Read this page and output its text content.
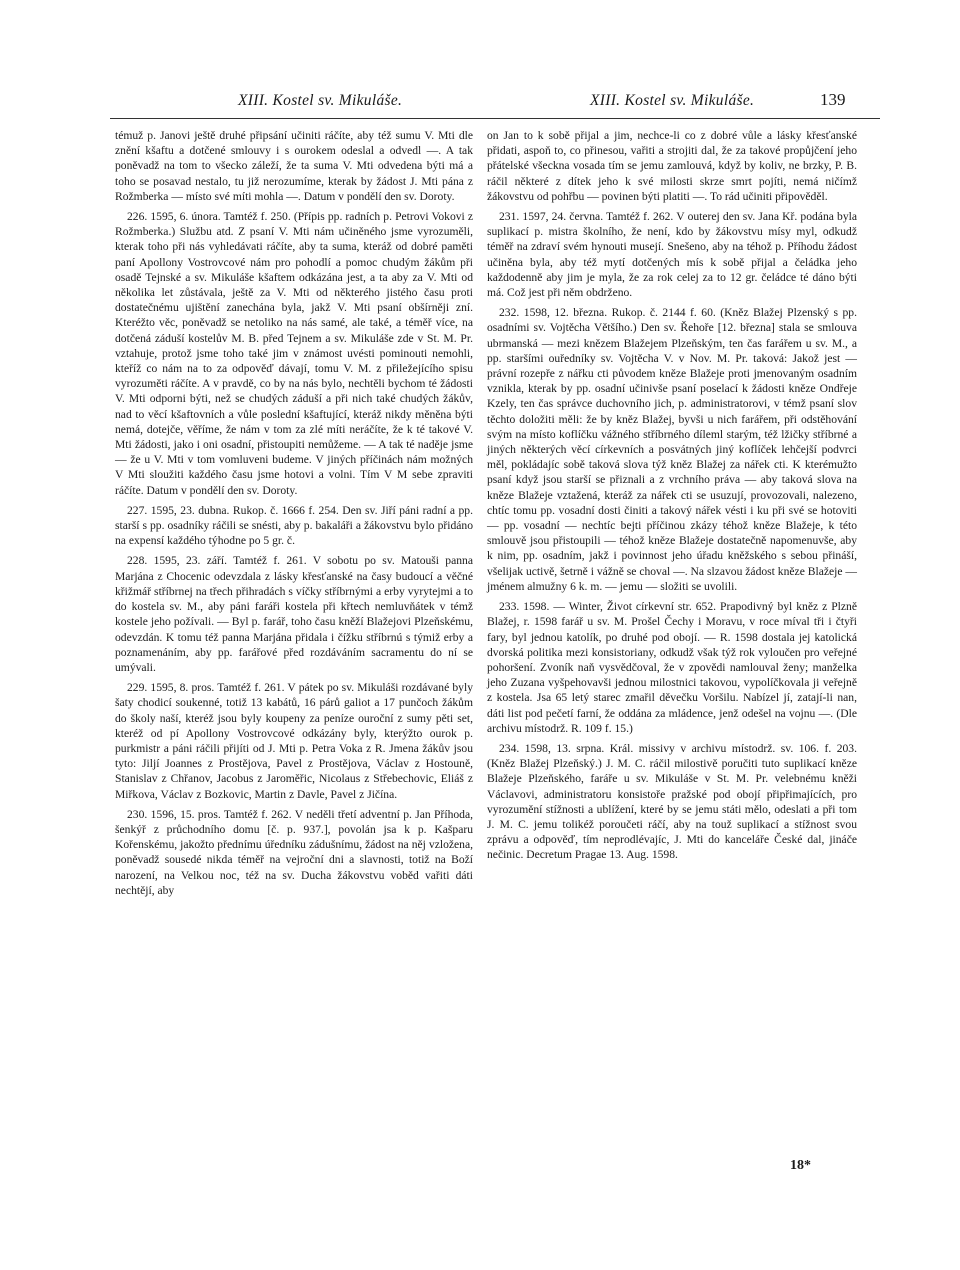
XIII. Kostel sv. Mikuláše.	XIII. Kostel sv. Mikuláše.	139

témuž p. Janovi ještě druhé připsání učiniti ráčíte, aby též sumu V. Mti dle znění kšaftu a dotčené smlouvy i s ourokem odeslal a odvedl —. A tak poněvadž na tom to všecko záleží, že ta suma V. Mti odvedena býti má a toho se posavad nestalo, tu již nerozumíme, kterak by žádost J. Mti pána z Rožmberka — místo své míti mohla —. Datum v pondělí den sv. Doroty.

226. 1595, 6. února. Tamtéž f. 250. (Přípis pp. radních p. Petrovi Vokovi z Rožmberka.) Službu atd. Z psaní V. Mti nám učiněného jsme vyrozuměli, kterak toho při nás vyhledávati ráčíte, aby ta suma, kteráž od dobré paměti paní Apollony Vostrovcové nám pro pohodlí a pomoc chudým žákům při osadě Tejnské a sv. Mikuláše kšaftem odkázána jest, a ta aby za V. Mti od několika let zůstávala, ještě za V. Mti od některého jistého času proti dostatečnému ujištění zanechána byla, jakž V. Mti psaní obšírněji zní. Kteréžto věc, poněvadž se netoliko na nás samé, ale také, a téměř více, na dotčená záduší kostelův M. B. před Tejnem a sv. Mikuláše zde v St. M. Pr. vztahuje, protož jsme toho také jim v známost uvésti pominouti nemohli, kteříž co nám na to za odpověď dávají, tomu V. M. z přiležejícího spisu vyrozuměti ráčíte. A v pravdě, co by na nás bylo, nechtěli bychom té žádosti V. Mti odporni býti, než se chudých záduší a při nich také chudých žákův, nad to věcí kšaftovních a vůle poslední kšaftující, kteráž nikdy měněna býti nemá, dotejče, věříme, že nám v tom za zlé míti neráčíte, že k té takové V. Mti žádosti, jako i oni osadní, přistoupiti nemůžeme. — A tak té naděje jsme — že u V. Mti v tom vomluveni budeme. V jiných příčinách nám možných V Mti sloužiti každého času jsme hotovi a volni. Tím V M sebe zpraviti ráčíte. Datum v pondělí den sv. Doroty.

227. 1595, 23. dubna. Rukop. č. 1666 f. 254. Den sv. Jiří páni radní a pp. starší s pp. osadníky ráčili se snésti, aby p. bakaláři a žákovstvu bylo přidáno na expensí každého týhodne po 5 gr. č.

228. 1595, 23. září. Tamtéž f. 261. V sobotu po sv. Matouši panna Marjána z Chocenic odevzdala z lásky křesťanské na časy budoucí a věčné křižmář stříbrnej na třech přihradách s víčky stříbrnými a erby vyrytejmi a to do kostela sv. M., aby páni faráři kostela při křtech nemluvňátek v témž kostele jeho požívali. — Byl p. farář, toho času kněží Blažejovi Plzeňskému, odevzdán. K tomu též panna Marjána přidala i čížku stříbrnú s týmiž erby a poznamenáním, aby pp. farářové před rozdáváním sacramentu do ní se umývali.

229. 1595, 8. pros. Tamtéž f. 261. V pátek po sv. Mikuláši rozdávané byly šaty chodicí soukenné, totiž 13 kabátů, 16 párů galiot a 17 punčoch žákům do školy naší, kteréž jsou byly koupeny za peníze ouroční z sumy pěti set, kteréž od pí Apollony Vostrovcové odkázány byly, kterýžto ourok p. purkmistr a páni ráčili přijíti od J. Mti p. Petra Voka z R. Jmena žákův jsou tyto: Jiljí Joannes z Prostějova, Pavel z Prostějova, Václav z Hostouně, Stanislav z Chřanov, Jacobus z Jaroměřic, Nicolaus z Střebechovic, Eliáš z Miřkova, Václav z Bozkovic, Martin z Davle, Pavel z Jičína.

230. 1596, 15. pros. Tamtéž f. 262. V neděli třetí adventní p. Jan Příhoda, šenkýř z průchodního domu [č. p. 937.], povolán jsa k p. Kašparu Kořenskému, jakožto přednímu úředníku zádušnímu, žádost na něj vzložena, poněvadž sousedé nikda téměř na vejroční dni a slavnosti, totiž na Boží narození, na Velkou noc, též na sv. Ducha žákovstvu voběd vařiti dáti nechtějí, aby

on Jan to k sobě přijal a jim, nechce-li co z dobré vůle a lásky křesťanské přidati, aspoň to, co přinesou, vařiti a strojiti dal, že za takové propůjčení jeho přátelské všeckna vosada tím se jemu zamlouvá, když by koliv, ne brzky, P. B. ráčil některé z dítek jeho k své milosti skrze smrt pojíti, nemá ničímž žákovstvu od pohřbu — povinen býti platiti —. To rád učiniti připověděl.

231. 1597, 24. června. Tamtéž f. 262. V outerej den sv. Jana Kř. podána byla suplikací p. mistra školního, že není, kdo by žákovstvu mísy myl, odkudž téměř na zdraví svém hynouti musejí. Snešeno, aby na téhož p. Příhodu žádost učiněna byla, aby též mytí dotčených mís k sobě přijal a čeládka jeho každodenně aby jim je myla, že za rok celej za to 12 gr. čeládce té dáno býti má. Což jest při něm obdrženo.

232. 1598, 12. března. Rukop. č. 2144 f. 60. (Kněz Blažej Plzenský s pp. osadními sv. Vojtěcha Většího.) Den sv. Řehoře [12. března] stala se smlouva ubrmanská — mezi knězem Blažejem Plzeňským, ten čas farářem u sv. M., a pp. staršími ouředníky sv. Vojtěcha V. v Nov. M. Pr. taková: Jakož jest — právní rozepře z nářku cti původem kněze Blažeje proti jmenovaným osadním vznikla, kterak by pp. osadní učinivše psaní poselací k žádosti kněze Ondřeje Kzely, ten čas správce duchovního jich, p. administratorovi, v témž psaní slov těchto doložiti měli: že by kněz Blažej, byvši u nich farářem, při odstěhování svým na místo koflíčku vážného stříbrného díleml starým, též lžičky stříbrné a jiných některých věcí církevních a posvátných jiný koflíček lehčejší podvrci měl, pokládajíc sobě taková slova týž kněz Blažej za nářek cti. K kterémužto psaní když jsou starší se přiznali a z vrchního práva — aby taková slova na kněze Blažeje vztažená, kteráž za nářek cti se usuzují, provozovali, nalezeno, chtíc tomu pp. vosadní dosti činiti a takový nářek vésti i ku při své se hotoviti — pp. vosadní — nechtíc bejti příčinou zkázy téhož kněze Blažeje, k této smlouvě jsou přistoupili — téhož kněze Blažeje dostatečně napomenuvše, aby k nim, pp. osadním, jakž i povinnost jeho úřadu kněžského s sebou přináší, všelijak uctivě, šetrně i vážně se choval —. Na slzavou žádost kněze Blažeje — jménem almužny 6 k. m. — jemu — složiti se uvolili.

233. 1598. — Winter, Život církevní str. 652. Prapodivný byl kněz z Plzně Blažej, r. 1598 farář u sv. M. Prošel Čechy i Moravu, v roce míval tři i čtyři fary, byl jednou katolík, po druhé pod obojí. — R. 1598 dostala jej katolická dvorská politika mezi konsistoriany, odkudž však týž rok vyloučen pro veřejné pohoršení. Zvoník naň vysvědčoval, že v zpovědi namlouval ženy; manželka jeho Zuzana vyšpehovavši jednou milostnici takovou, vypolíčkovala ji veřejně z kostela. Jsa 65 letý starec zmařil děvečku Voršilu. Nabízel jí, zatají-li nan, dáti list pod pečetí farní, že oddána za mládence, jenž odešel na vojnu —. (Dle archivu místodrž. R. 109 f. 15.)

234. 1598, 13. srpna. Král. missivy v archivu místodrž. sv. 106. f. 203. (Kněz Blažej Plzeňský.) J. M. C. ráčil milostivě poručiti tuto suplikací kněze Blažeje Plzeňského, faráře u sv. Mikuláše v St. M. Pr. velebnému kněži Václavovi, administratoru konsistoře pražské pod obojí připřimajících, pro vyrozumění stížnosti a ublížení, které by se jemu státi mělo, odeslati a při tom J. M. C. jemu tolikéž poroučeti ráčí, aby na touž suplikací a stížnost svou zprávu a odpověď, tím neprodlévajíc, J. Mti do kanceláře České dal, jináče nečinic. Decretum Pragae 13. Aug. 1598.

18*
